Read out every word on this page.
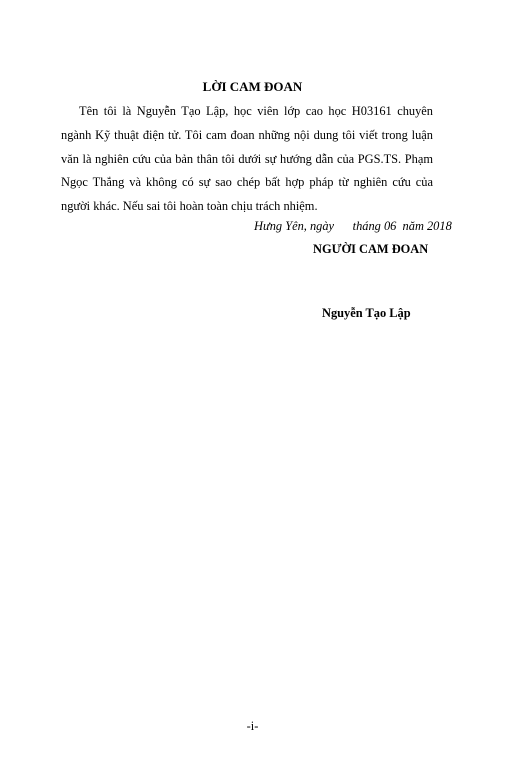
LỜI CAM ĐOAN

Tên tôi là Nguyễn Tạo Lập, học viên lớp cao học H03161 chuyên ngành Kỹ thuật điện tử. Tôi cam đoan những nội dung tôi viết trong luận văn là nghiên cứu của bản thân tôi dưới sự hướng dẫn của PGS.TS. Phạm Ngọc Thắng và không có sự sao chép bất hợp pháp từ nghiên cứu của người khác. Nếu sai tôi hoàn toàn chịu trách nhiệm.

Hưng Yên, ngày      tháng 06  năm 2018
NGƯỜI CAM ĐOAN
Nguyễn Tạo Lập
-i-
